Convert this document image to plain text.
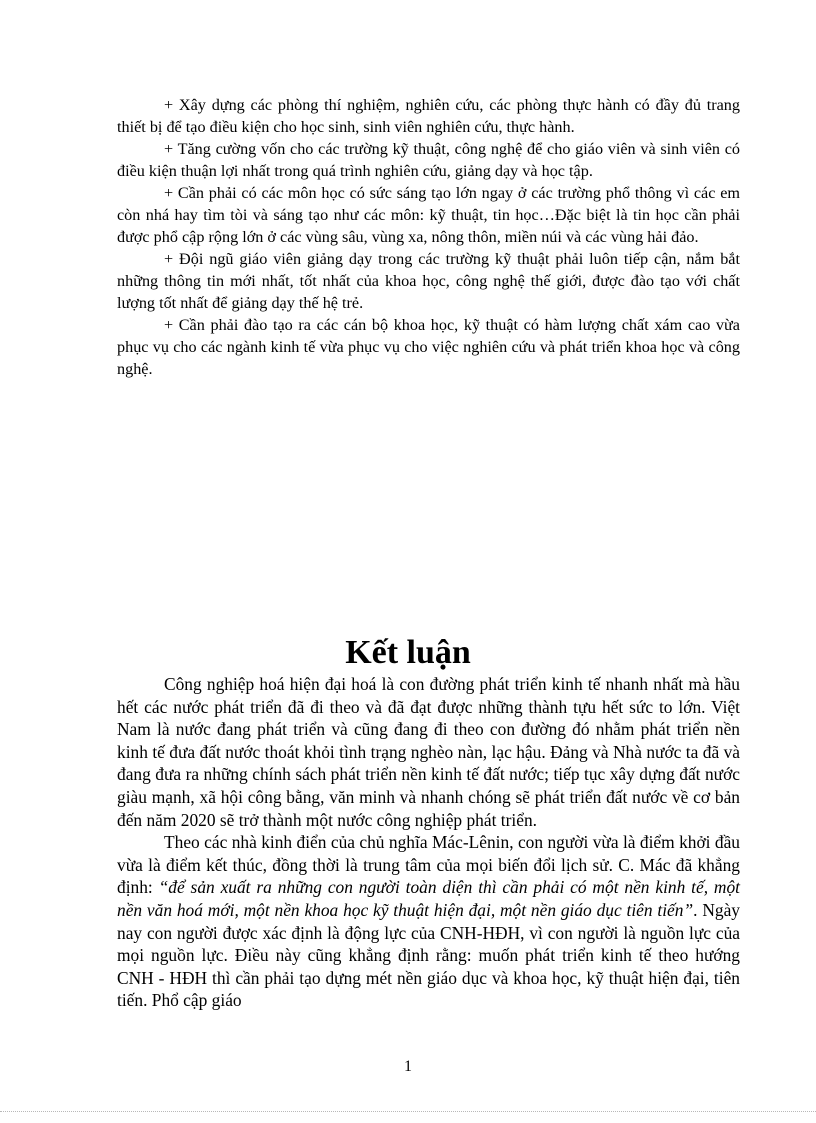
+ Xây dựng các phòng thí nghiệm, nghiên cứu, các phòng thực hành có đầy đủ trang thiết bị để tạo điều kiện cho học sinh, sinh viên nghiên cứu, thực hành.

+ Tăng cường vốn cho các trường kỹ thuật, công nghệ để cho giáo viên và sinh viên có điều kiện thuận lợi nhất trong quá trình nghiên cứu, giảng dạy và học tập.

+ Cần phải có các môn học có sức sáng tạo lớn ngay ở các trường phổ thông vì các em còn nhá hay tìm tòi và sáng tạo như các môn: kỹ thuật, tin học…Đặc biệt là tin học cần phải được phổ cập rộng lớn ở các vùng sâu, vùng xa, nông thôn, miền núi và các vùng hải đảo.

+ Đội ngũ giáo viên giảng dạy trong các trường kỹ thuật phải luôn tiếp cận, nắm bắt những thông tin mới nhất, tốt nhất của khoa học, công nghệ thế giới, được đào tạo với chất lượng tốt nhất để giảng dạy thế hệ trẻ.

+ Cần phải đào tạo ra các cán bộ khoa học, kỹ thuật có hàm lượng chất xám cao vừa phục vụ cho các ngành kinh tế vừa phục vụ cho việc nghiên cứu và phát triển khoa học và công nghệ.

Kết luận

Công nghiệp hoá hiện đại hoá là con đường phát triển kinh tế nhanh nhất mà hầu hết các nước phát triển đã đi theo và đã đạt được những thành tựu hết sức to lớn. Việt Nam là nước đang phát triển và cũng đang đi theo con đường đó nhằm phát triển nền kinh tế đưa đất nước thoát khỏi tình trạng nghèo nàn, lạc hậu. Đảng và Nhà nước ta đã và đang đưa ra những chính sách phát triển nền kinh tế đất nước; tiếp tục xây dựng đất nước giàu mạnh, xã hội công bằng, văn minh và nhanh chóng sẽ phát triển đất nước về cơ bản đến năm 2020 sẽ trở thành một nước công nghiệp phát triển.

Theo các nhà kinh điển của chủ nghĩa Mác-Lênin, con người vừa là điểm khởi đầu vừa là điểm kết thúc, đồng thời là trung tâm của mọi biến đổi lịch sử. C. Mác đã khẳng định: “để sản xuất ra những con người toàn diện thì cần phải có một nền kinh tế, một nền văn hoá mới, một nền khoa học kỹ thuật hiện đại, một nền giáo dục tiên tiến”. Ngày nay con người được xác định là động lực của CNH-HĐH, vì con người là nguồn lực của mọi nguồn lực. Điều này cũng khẳng định rằng: muốn phát triển kinh tế theo hướng CNH - HĐH thì cần phải tạo dựng mét nền giáo dục và khoa học, kỹ thuật hiện đại, tiên tiến. Phổ cập giáo

1
